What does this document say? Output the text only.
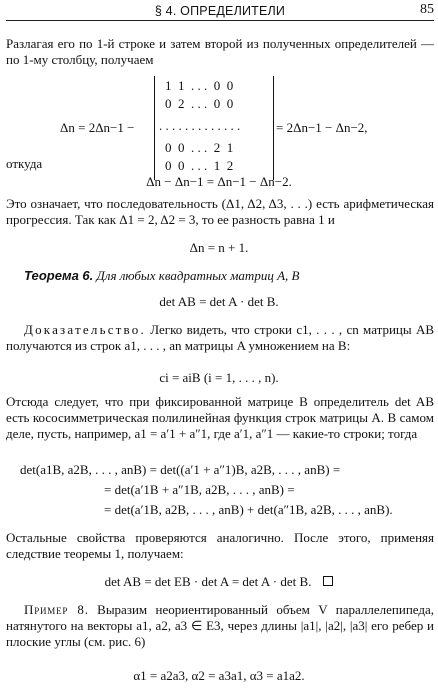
§ 4. ОПРЕДЕЛИТЕЛИ	85
Разлагая его по 1-й строке и затем второй из полученных определителей — по 1-му столбцу, получаем
Δn = 2Δn−1 −
1  1  . . .  0  0
0  2  . . .  0  0
. . . . . . . . . . . . .
0  0  . . .  2  1
0  0  . . .  1  2
= 2Δn−1 − Δn−2,
откуда
Δn − Δn−1 = Δn−1 − Δn−2.
Это означает, что последовательность (Δ1, Δ2, Δ3, . . .) есть арифметическая прогрессия. Так как Δ1 = 2, Δ2 = 3, то ее разность равна 1 и
Δn = n + 1.
Теорема 6. Для любых квадратных матриц A, B
det AB = det A · det B.
Доказательство. Легко видеть, что строки c1, . . . , cn матрицы AB получаются из строк a1, . . . , an матрицы A умножением на B:
ci = aiB (i = 1, . . . , n).
Отсюда следует, что при фиксированной матрице B определитель det AB есть кососимметрическая полилинейная функция строк матрицы A. В самом деле, пусть, например, a1 = a′1 + a″1, где a′1, a″1 — какие-то строки; тогда
det(a1B, a2B, . . . , anB) = det((a′1 + a″1)B, a2B, . . . , anB) =
= det(a′1B + a″1B, a2B, . . . , anB) =
= det(a′1B, a2B, . . . , anB) + det(a″1B, a2B, . . . , anB).
Остальные свойства проверяются аналогично. После этого, применяя следствие теоремы 1, получаем:
det AB = det EB · det A = det A · det B.
Пример 8. Выразим неориентированный объем V параллелепипеда, натянутого на векторы a1, a2, a3 ∈ E3, через длины |a1|, |a2|, |a3| его ребер и плоские углы (см. рис. 6)
α1 = a2a3, α2 = a3a1, α3 = a1a2.
